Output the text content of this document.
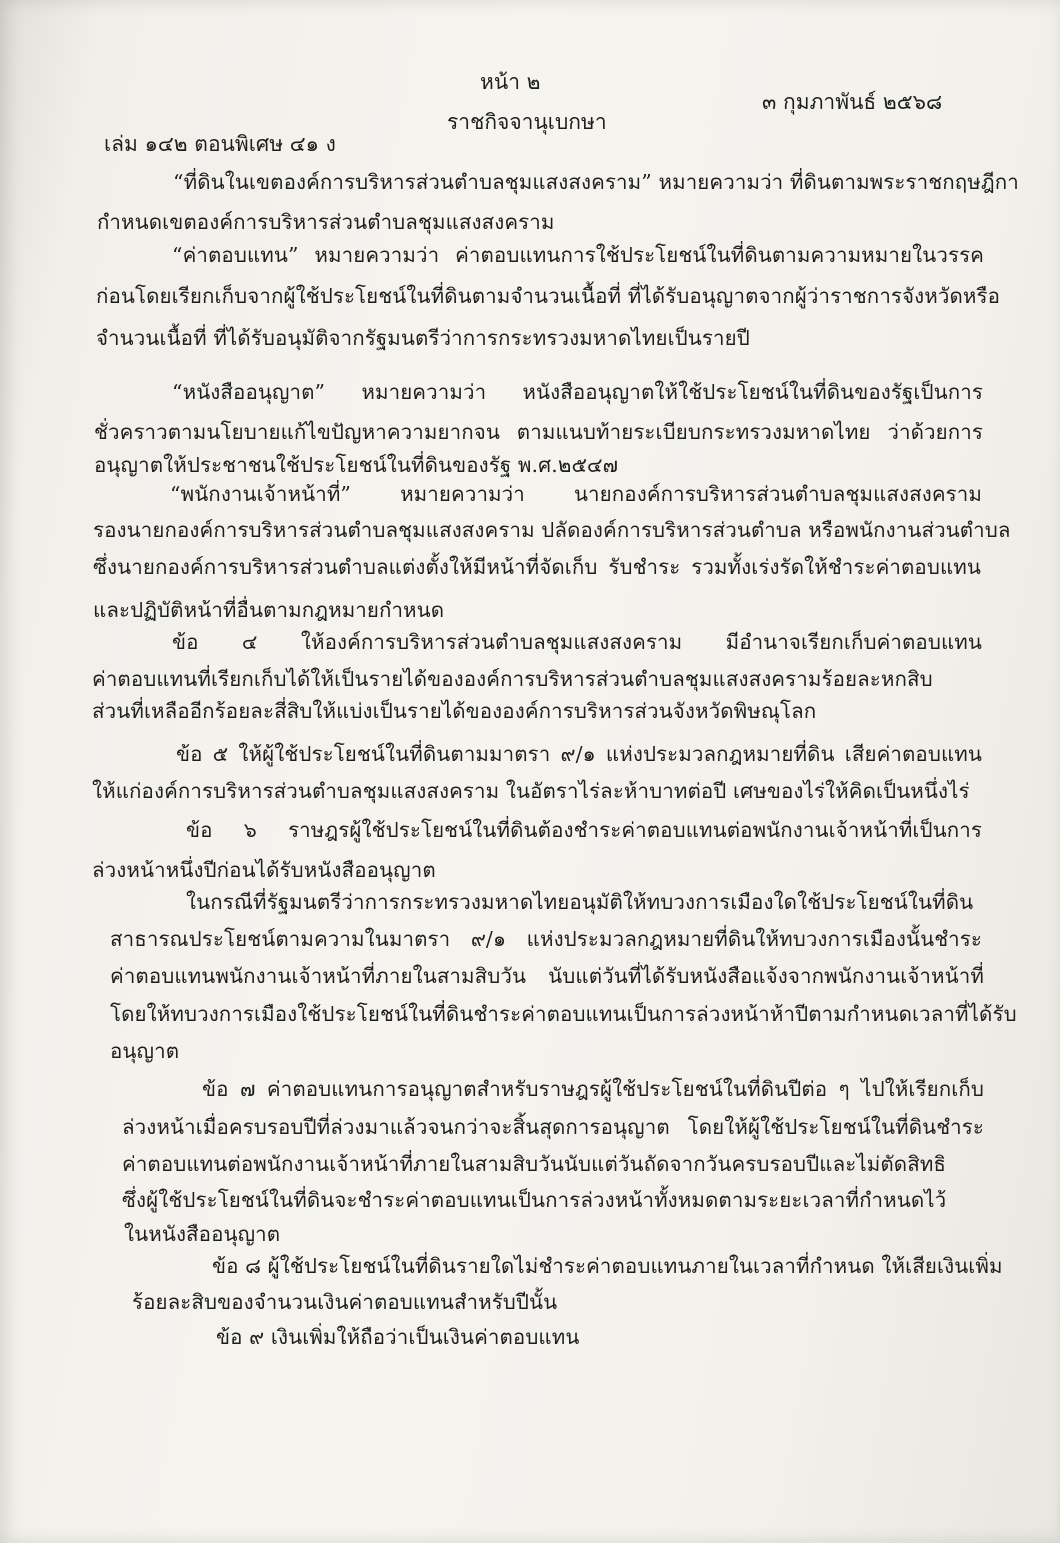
หน้า ๒
ราชกิจจานุเบกษา
๓ กุมภาพันธ์ ๒๕๖๘
เล่ม ๑๔๒ ตอนพิเศษ ๔๑ ง
“ที่ดินในเขตองค์การบริหารส่วนตำบลชุมแสงสงคราม” หมายความว่า ที่ดินตามพระราชกฤษฎีกา
กำหนดเขตองค์การบริหารส่วนตำบลชุมแสงสงคราม
“ค่าตอบแทน” หมายความว่า ค่าตอบแทนการใช้ประโยชน์ในที่ดินตามความหมายในวรรค
ก่อนโดยเรียกเก็บจากผู้ใช้ประโยชน์ในที่ดินตามจำนวนเนื้อที่ ที่ได้รับอนุญาตจากผู้ว่าราชการจังหวัดหรือ
จำนวนเนื้อที่ ที่ได้รับอนุมัติจากรัฐมนตรีว่าการกระทรวงมหาดไทยเป็นรายปี
“หนังสืออนุญาต” หมายความว่า หนังสืออนุญาตให้ใช้ประโยชน์ในที่ดินของรัฐเป็นการ
ชั่วคราวตามนโยบายแก้ไขปัญหาความยากจน ตามแนบท้ายระเบียบกระทรวงมหาดไทย ว่าด้วยการ
อนุญาตให้ประชาชนใช้ประโยชน์ในที่ดินของรัฐ พ.ศ.๒๕๔๗
“พนักงานเจ้าหน้าที่” หมายความว่า นายกองค์การบริหารส่วนตำบลชุมแสงสงคราม
รองนายกองค์การบริหารส่วนตำบลชุมแสงสงคราม ปลัดองค์การบริหารส่วนตำบล หรือพนักงานส่วนตำบล
ซึ่งนายกองค์การบริหารส่วนตำบลแต่งตั้งให้มีหน้าที่จัดเก็บ รับชำระ รวมทั้งเร่งรัดให้ชำระค่าตอบแทน
และปฏิบัติหน้าที่อื่นตามกฎหมายกำหนด
ข้อ ๔ ให้องค์การบริหารส่วนตำบลชุมแสงสงคราม มีอำนาจเรียกเก็บค่าตอบแทน
ค่าตอบแทนที่เรียกเก็บได้ให้เป็นรายได้ขององค์การบริหารส่วนตำบลชุมแสงสงครามร้อยละหกสิบ
ส่วนที่เหลืออีกร้อยละสี่สิบให้แบ่งเป็นรายได้ขององค์การบริหารส่วนจังหวัดพิษณุโลก
ข้อ ๕ ให้ผู้ใช้ประโยชน์ในที่ดินตามมาตรา ๙/๑ แห่งประมวลกฎหมายที่ดิน เสียค่าตอบแทน
ให้แก่องค์การบริหารส่วนตำบลชุมแสงสงคราม ในอัตราไร่ละห้าบาทต่อปี เศษของไร่ให้คิดเป็นหนึ่งไร่
ข้อ ๖ ราษฎรผู้ใช้ประโยชน์ในที่ดินต้องชำระค่าตอบแทนต่อพนักงานเจ้าหน้าที่เป็นการ
ล่วงหน้าหนึ่งปีก่อนได้รับหนังสืออนุญาต
ในกรณีที่รัฐมนตรีว่าการกระทรวงมหาดไทยอนุมัติให้ทบวงการเมืองใดใช้ประโยชน์ในที่ดิน
สาธารณประโยชน์ตามความในมาตรา ๙/๑ แห่งประมวลกฎหมายที่ดินให้ทบวงการเมืองนั้นชำระ
ค่าตอบแทนพนักงานเจ้าหน้าที่ภายในสามสิบวัน นับแต่วันที่ได้รับหนังสือแจ้งจากพนักงานเจ้าหน้าที่
โดยให้ทบวงการเมืองใช้ประโยชน์ในที่ดินชำระค่าตอบแทนเป็นการล่วงหน้าห้าปีตามกำหนดเวลาที่ได้รับ
อนุญาต
ข้อ ๗ ค่าตอบแทนการอนุญาตสำหรับราษฎรผู้ใช้ประโยชน์ในที่ดินปีต่อ ๆ ไปให้เรียกเก็บ
ล่วงหน้าเมื่อครบรอบปีที่ล่วงมาแล้วจนกว่าจะสิ้นสุดการอนุญาต โดยให้ผู้ใช้ประโยชน์ในที่ดินชำระ
ค่าตอบแทนต่อพนักงานเจ้าหน้าที่ภายในสามสิบวันนับแต่วันถัดจากวันครบรอบปีและไม่ตัดสิทธิ
ซึ่งผู้ใช้ประโยชน์ในที่ดินจะชำระค่าตอบแทนเป็นการล่วงหน้าทั้งหมดตามระยะเวลาที่กำหนดไว้
ในหนังสืออนุญาต
ข้อ ๘ ผู้ใช้ประโยชน์ในที่ดินรายใดไม่ชำระค่าตอบแทนภายในเวลาที่กำหนด ให้เสียเงินเพิ่ม
ร้อยละสิบของจำนวนเงินค่าตอบแทนสำหรับปีนั้น
ข้อ ๙ เงินเพิ่มให้ถือว่าเป็นเงินค่าตอบแทน
